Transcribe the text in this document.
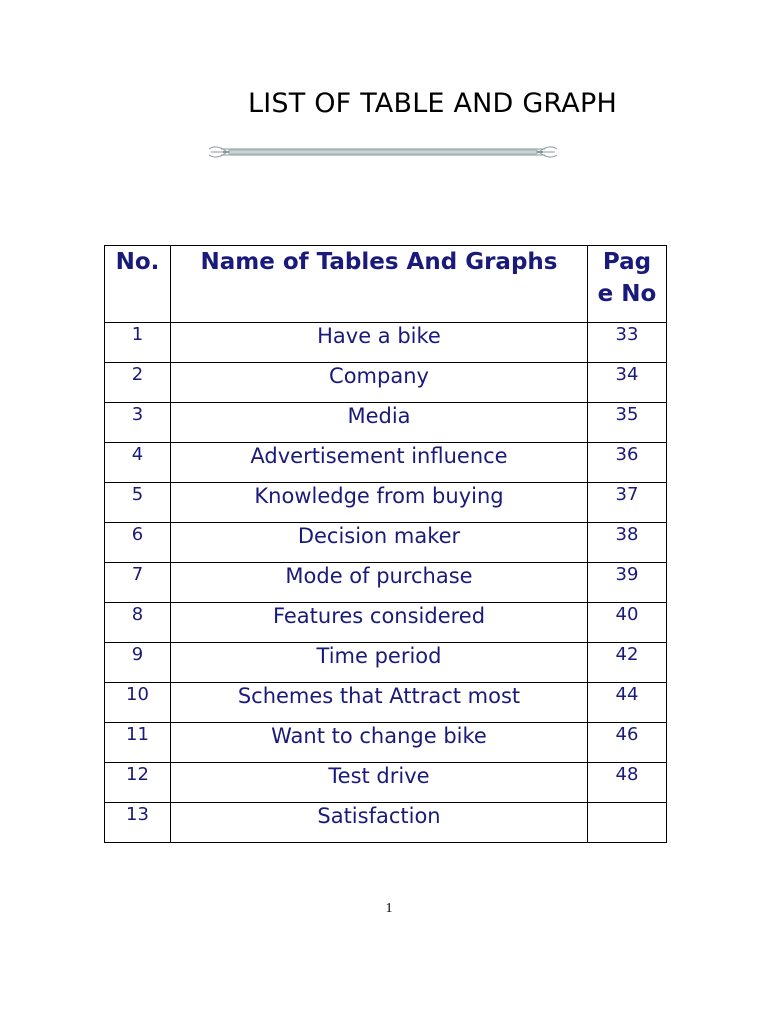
LIST OF TABLE AND GRAPH
No.	Name of Tables And Graphs	Pag
e No

1	Have a bike	33
2	Company	34
3	Media	35
4	Advertisement influence	36
5	Knowledge from buying	37
6	Decision maker	38
7	Mode of purchase	39
8	Features considered	40
9	Time period	42
10	Schemes that Attract most	44
11	Want to change bike	46
12	Test drive	48
13	Satisfaction	
1
